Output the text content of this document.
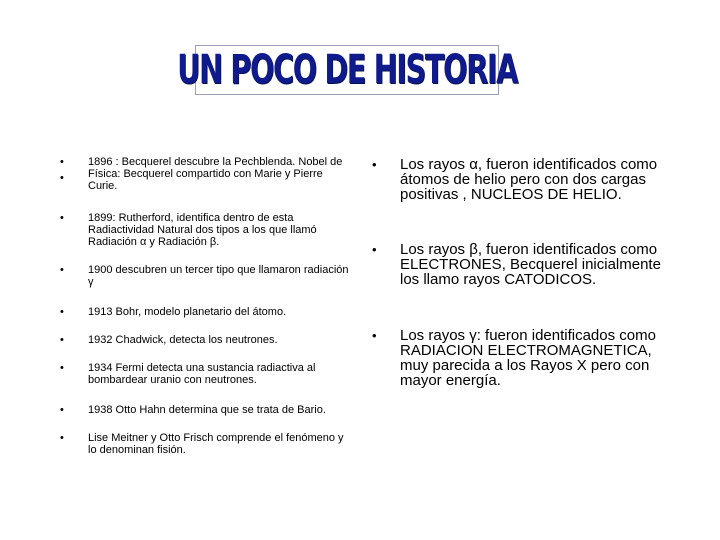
UN POCO DE HISTORIA
•
•
1896 : Becquerel descubre la Pechblenda. Nobel de Física: Becquerel compartido con Marie y Pierre Curie.
• 1899: Rutherford, identifica dentro de esta Radiactividad Natural dos tipos a los que llamó Radiación α y Radiación β.
• 1900 descubren un tercer tipo que llamaron radiación γ
• 1913 Bohr, modelo planetario del átomo.
• 1932 Chadwick, detecta los neutrones.
• 1934 Fermi detecta una sustancia radiactiva al bombardear uranio con neutrones.
• 1938 Otto Hahn determina que se trata de Bario.
• Lise Meitner y Otto Frisch comprende el fenómeno y lo denominan fisión.
• Los rayos α, fueron identificados como átomos de helio pero con dos cargas positivas , NUCLEOS DE HELIO.
• Los rayos β, fueron identificados como ELECTRONES, Becquerel inicialmente los llamo rayos CATODICOS.
• Los rayos γ: fueron identificados como RADIACION ELECTROMAGNETICA, muy parecida a los Rayos X pero con mayor energía.
